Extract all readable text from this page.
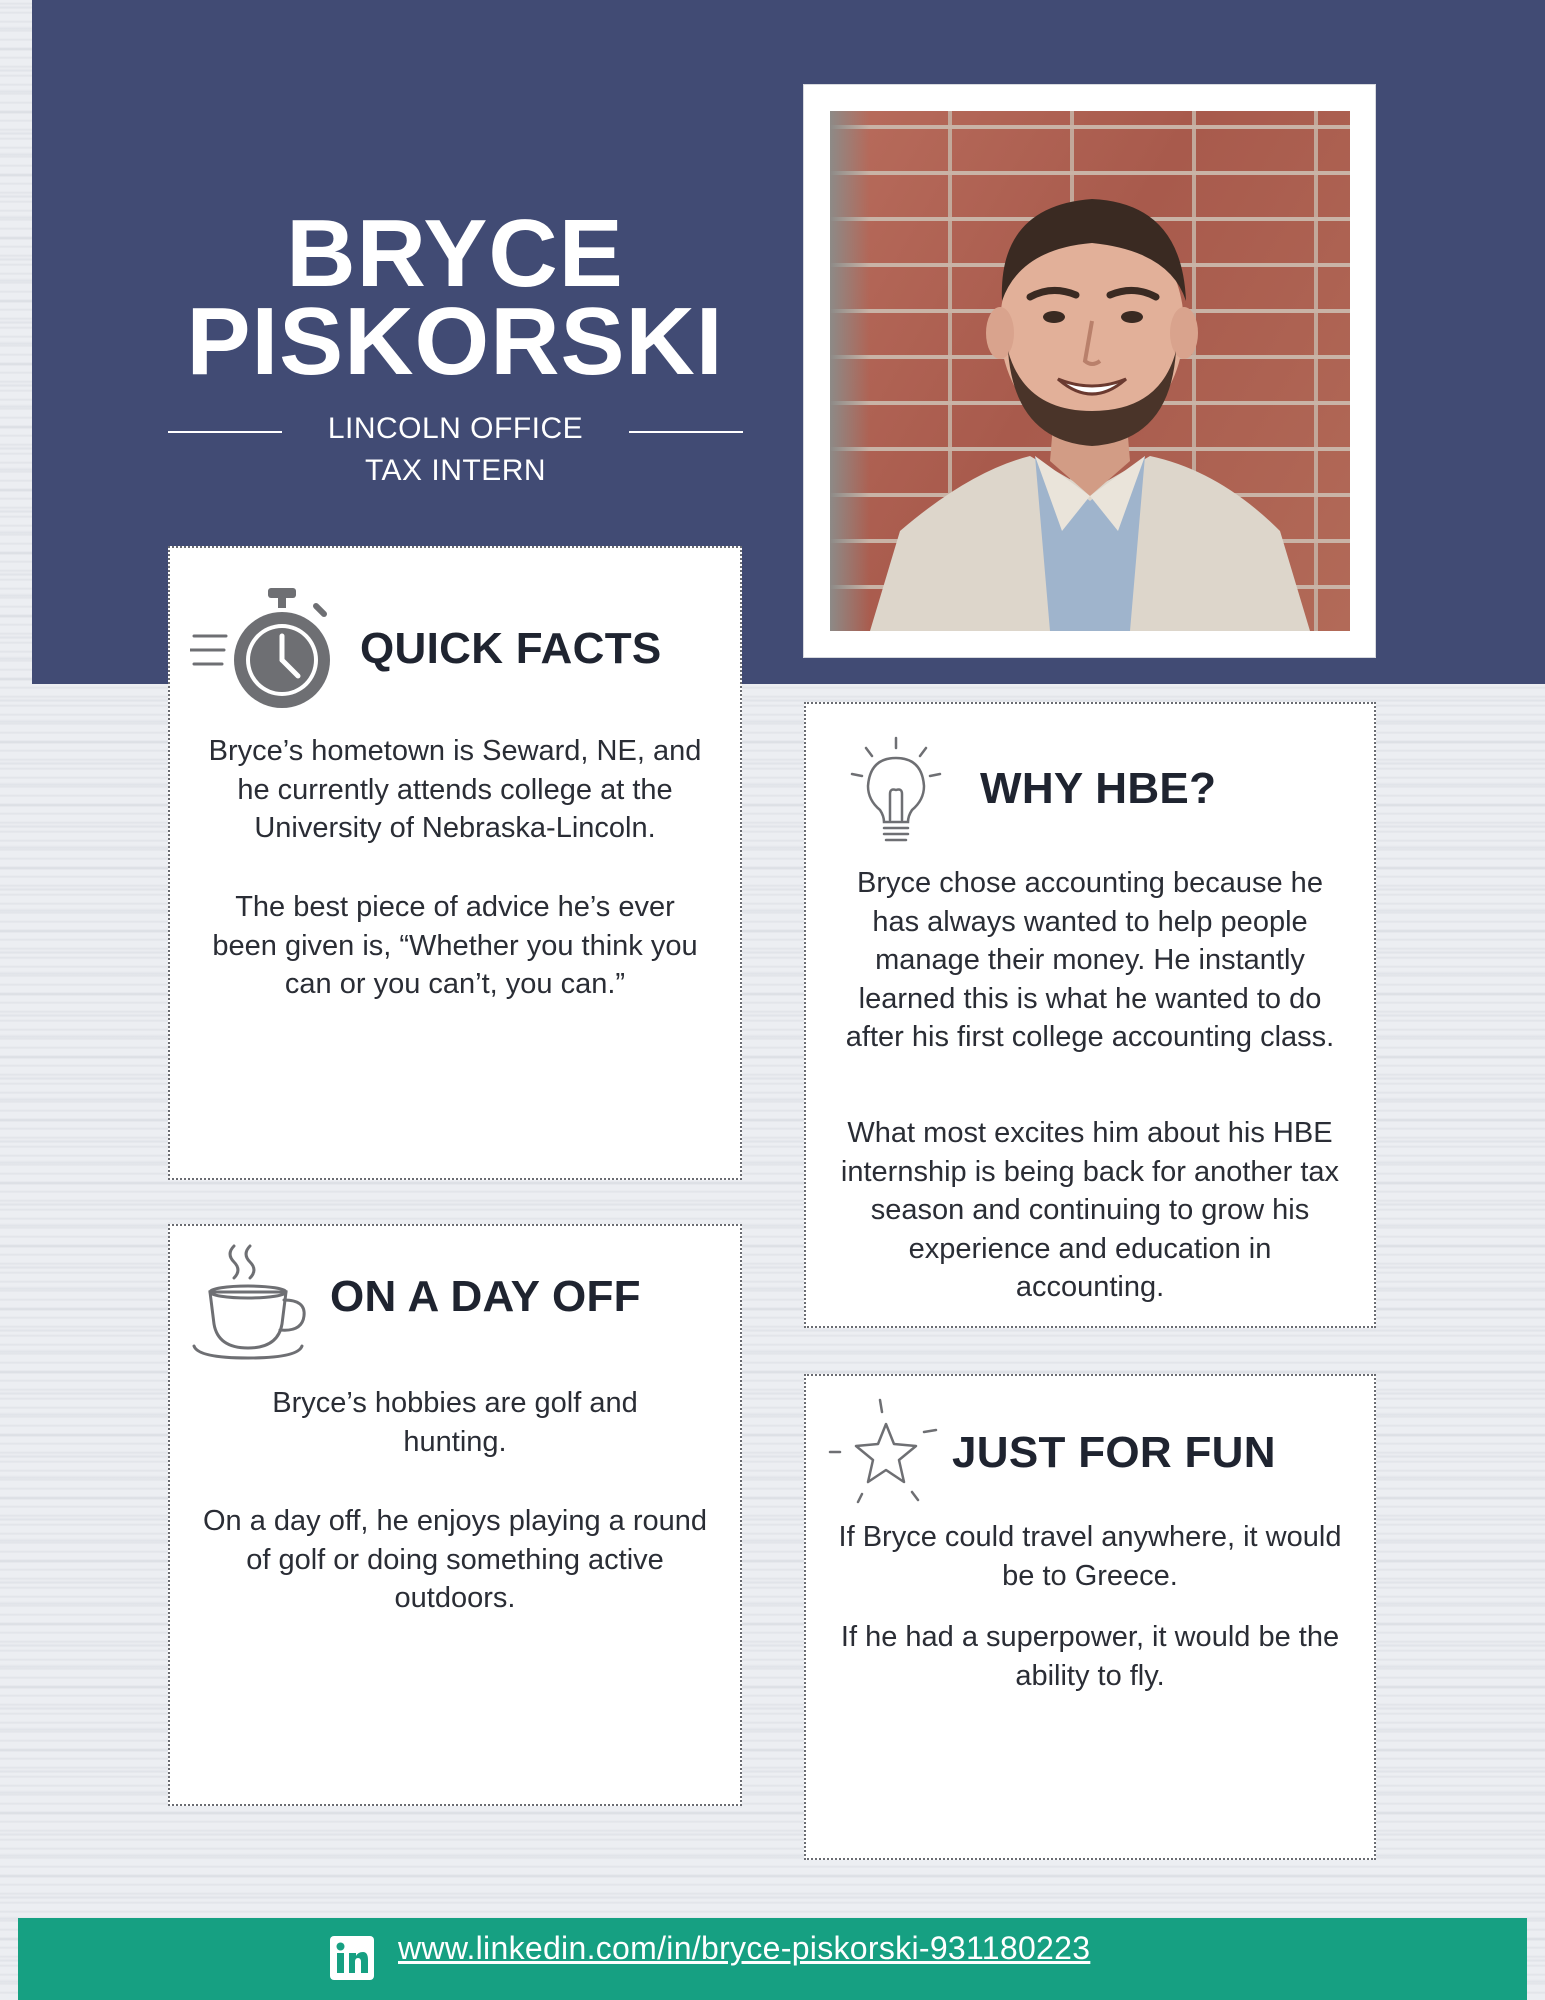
BRYCE
PISKORSKI
LINCOLN OFFICE
TAX INTERN
QUICK FACTS
Bryce’s hometown is Seward, NE, and he currently attends college at the University of Nebraska-Lincoln.
The best piece of advice he’s ever been given is, “Whether you think you can or you can’t, you can.”
WHY HBE?
Bryce chose accounting because he has always wanted to help people manage their money. He instantly learned this is what he wanted to do after his first college accounting class.
What most excites him about his HBE internship is being back for another tax season and continuing to grow his experience and education in accounting.
ON A DAY OFF
Bryce’s hobbies are golf and hunting.
On a day off, he enjoys playing a round of golf or doing something active outdoors.
JUST FOR FUN
If Bryce could travel anywhere, it would be to Greece.
If he had a superpower, it would be the ability to fly.
www.linkedin.com/in/bryce-piskorski-931180223
